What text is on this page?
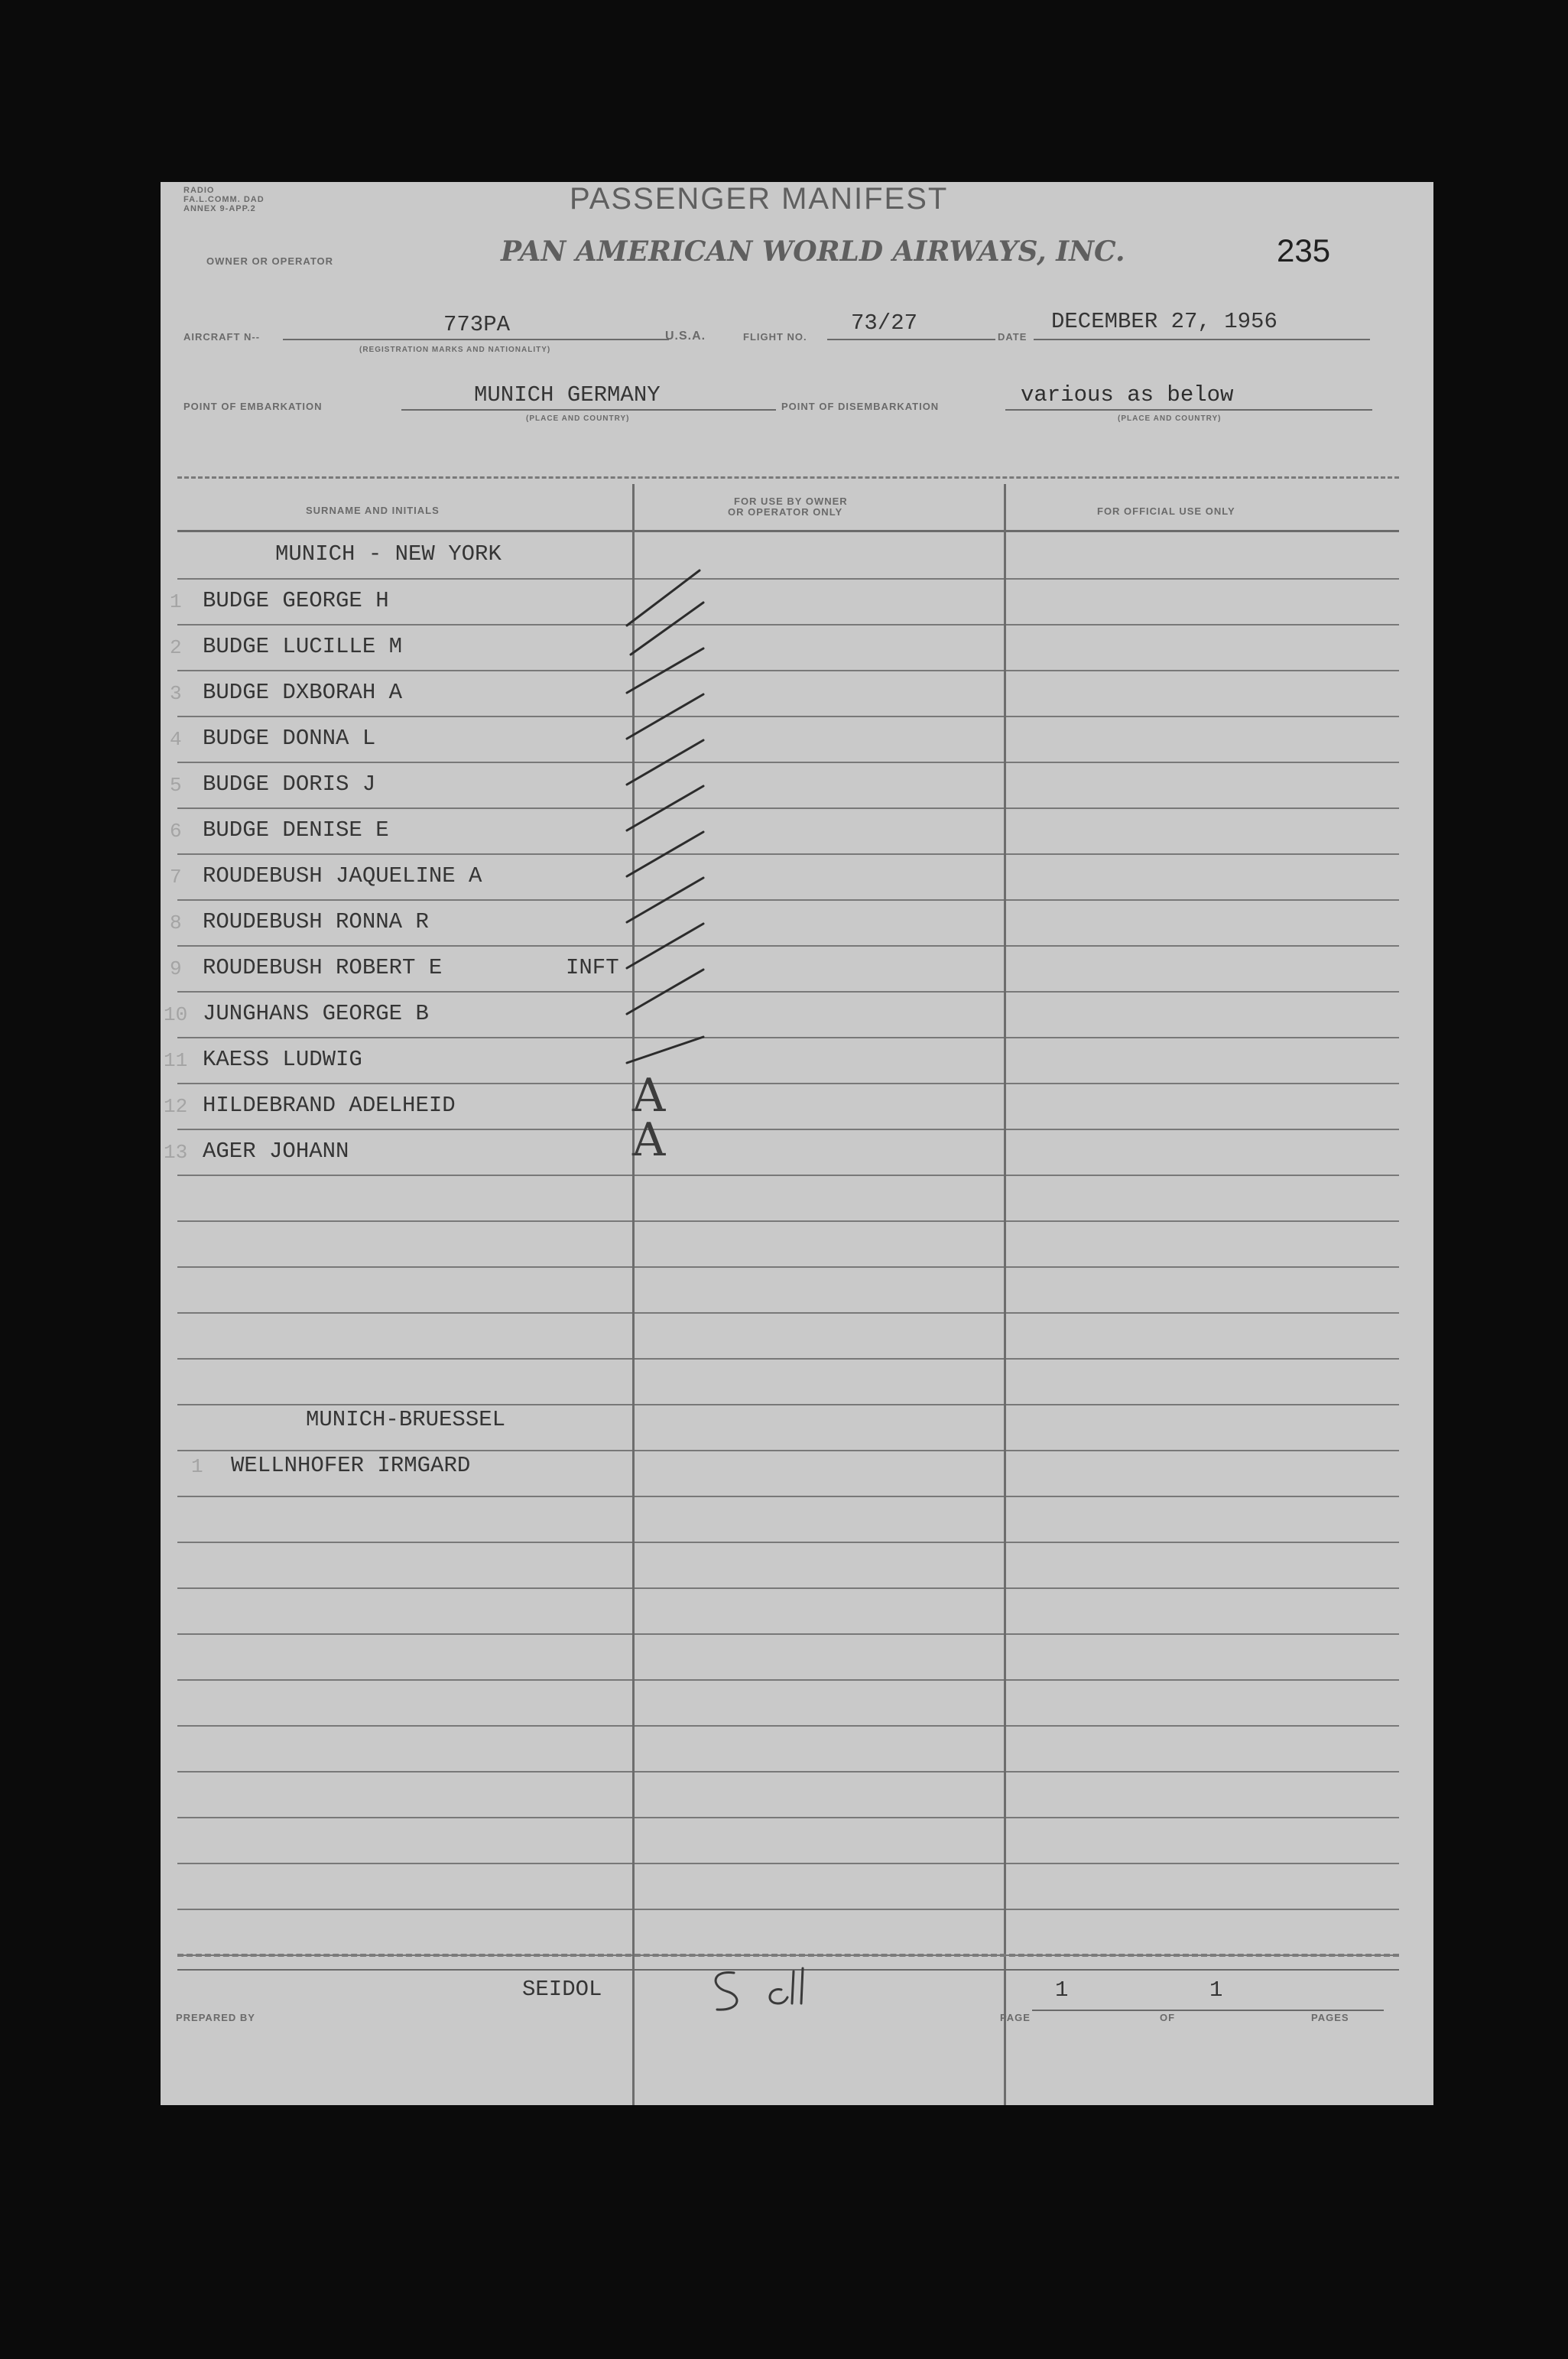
RADIO FA.L.COMM. DAD ANNEX 9-APP.2	PASSENGER MANIFEST
PAN AMERICAN WORLD AIRWAYS, INC.
OWNER OR OPERATOR	235
AIRCRAFT N--	773PA
(REGISTRATION MARKS AND NATIONALITY)
U.S.A.	FLIGHT NO.
73/27
DATE
DECEMBER 27, 1956
POINT OF EMBARKATION	MUNICH GERMANY
(PLACE AND COUNTRY)
POINT OF DISEMBARKATION	various as below
(PLACE AND COUNTRY)
SURNAME AND INITIALS
FOR USE BY OWNER
OR OPERATOR ONLY	FOR OFFICIAL USE ONLY
MUNICH - NEW YORK
1 BUDGE GEORGE H
2 BUDGE LUCILLE M
3 BUDGE DXBORAH A
4 BUDGE DONNA L
5 BUDGE DORIS J
6 BUDGE DENISE E
7 ROUDEBUSH JAQUELINE A
8 ROUDEBUSH RONNA R
9 ROUDEBUSH ROBERT E	INFT
10 JUNGHANS GEORGE B
11 KAESS LUDWIG
12 HILDEBRAND ADELHEID
13 AGER JOHANN
A
A
MUNICH-BRUESSEL
1 WELLNHOFER IRMGARD
SEIDOL
PREPARED BY	PAGE
1
OF
1
PAGES
